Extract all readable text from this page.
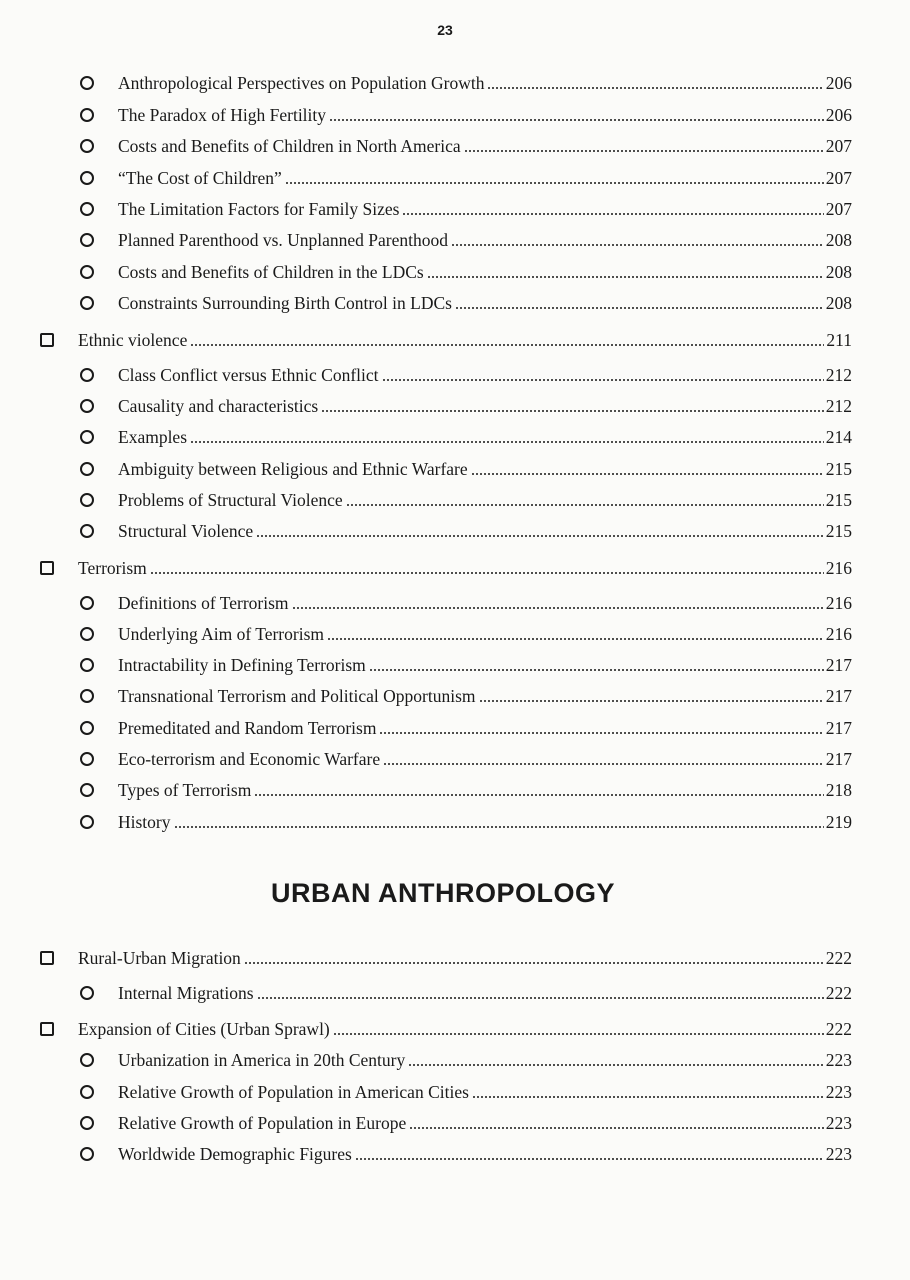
23
Anthropological Perspectives on Population Growth	206
The Paradox of High Fertility	206
Costs and Benefits of Children in North America	207
“The Cost of Children”	207
The Limitation Factors for Family Sizes	207
Planned Parenthood vs. Unplanned Parenthood	208
Costs and Benefits of Children in the LDCs	208
Constraints Surrounding Birth Control in LDCs	208
Ethnic violence	211
Class Conflict versus Ethnic Conflict	212
Causality and characteristics	212
Examples	214
Ambiguity between Religious and Ethnic Warfare	215
Problems of Structural Violence	215
Structural Violence	215
Terrorism	216
Definitions of Terrorism	216
Underlying Aim of Terrorism	216
Intractability in Defining Terrorism	217
Transnational Terrorism and Political Opportunism	217
Premeditated and Random Terrorism	217
Eco-terrorism and Economic Warfare	217
Types of Terrorism	218
History	219
Rural-Urban Migration	222
Internal Migrations	222
Expansion of Cities (Urban Sprawl)	222
Urbanization in America in 20th Century	223
Relative Growth of Population in American Cities	223
Relative Growth of Population in Europe	223
Worldwide Demographic Figures	223
URBAN ANTHROPOLOGY
